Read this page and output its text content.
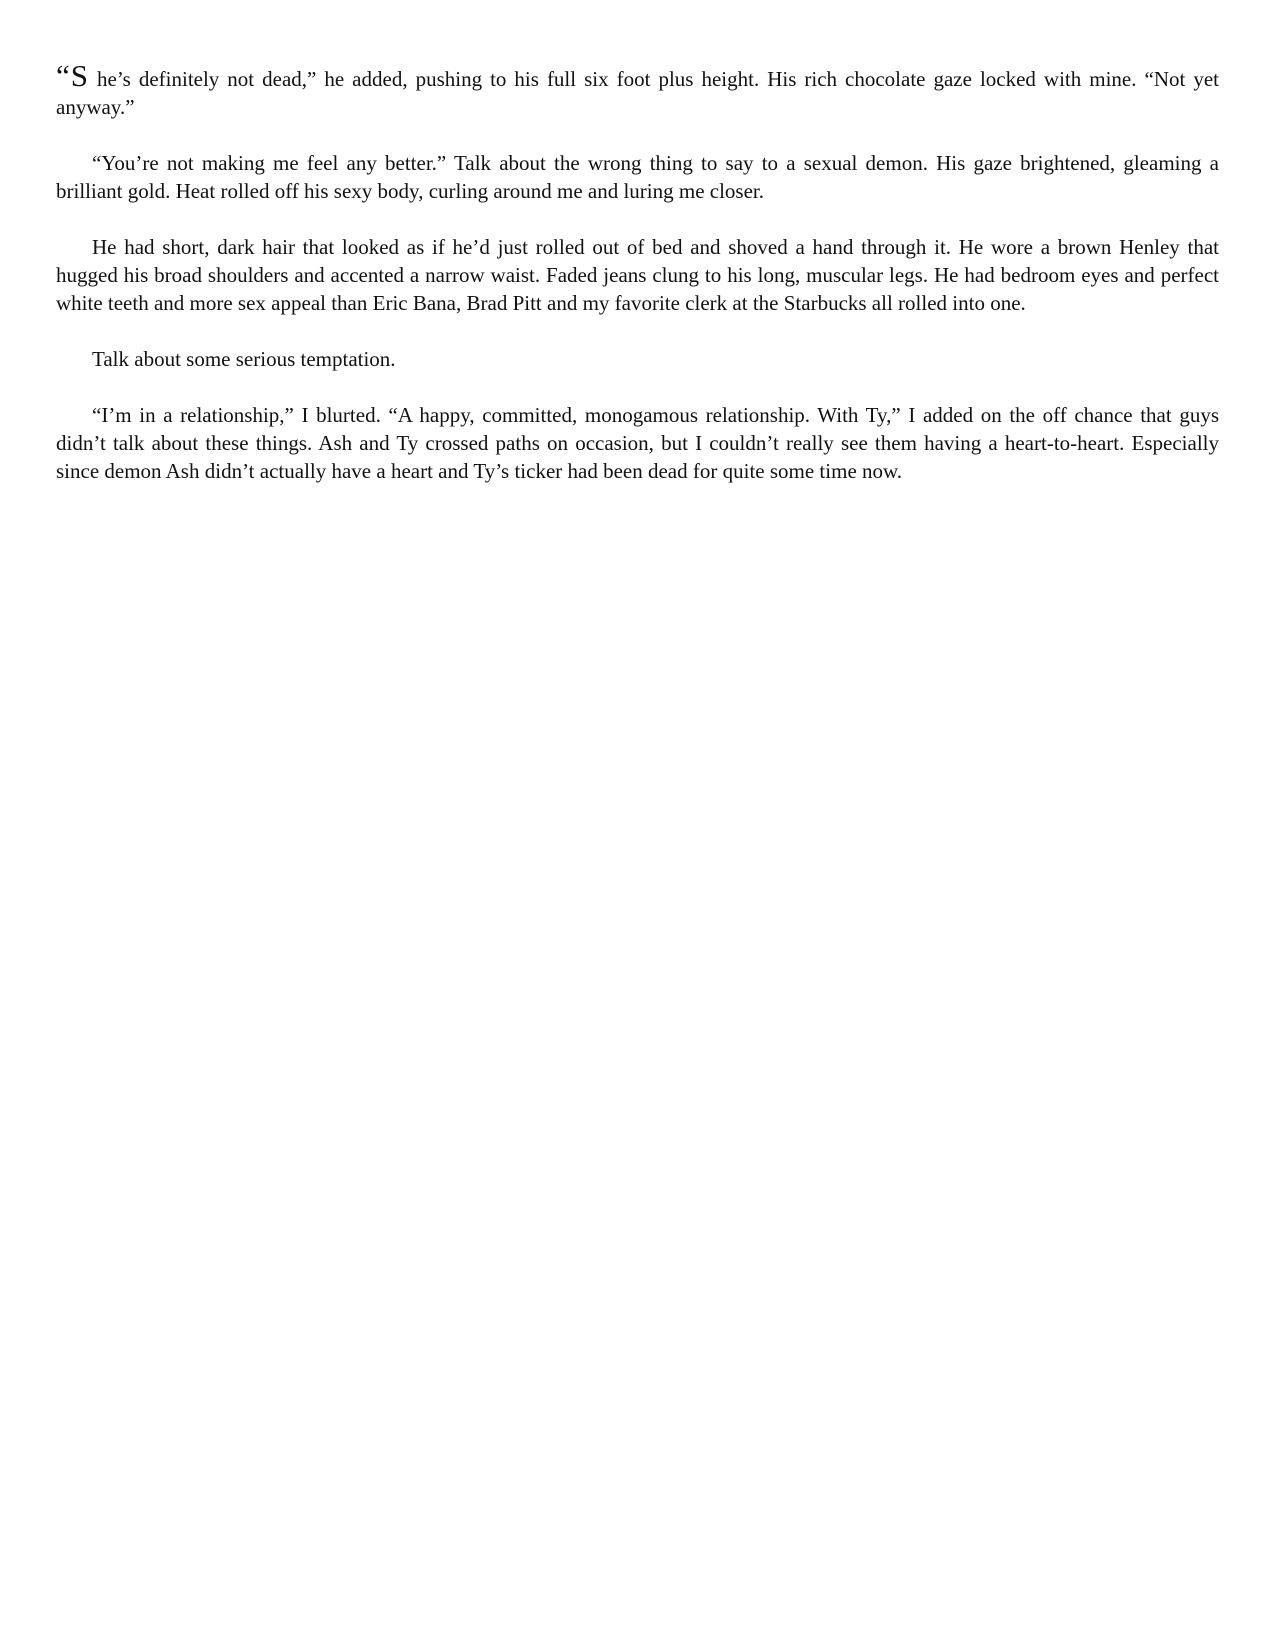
“S he’s definitely not dead,” he added, pushing to his full six foot plus height. His rich chocolate gaze locked with mine. “Not yet anyway.”

“You’re not making me feel any better.” Talk about the wrong thing to say to a sexual demon. His gaze brightened, gleaming a brilliant gold. Heat rolled off his sexy body, curling around me and luring me closer.

He had short, dark hair that looked as if he’d just rolled out of bed and shoved a hand through it. He wore a brown Henley that hugged his broad shoulders and accented a narrow waist. Faded jeans clung to his long, muscular legs. He had bedroom eyes and perfect white teeth and more sex appeal than Eric Bana, Brad Pitt and my favorite clerk at the Starbucks all rolled into one.

Talk about some serious temptation.

“I’m in a relationship,” I blurted. “A happy, committed, monogamous relationship. With Ty,” I added on the off chance that guys didn’t talk about these things. Ash and Ty crossed paths on occasion, but I couldn’t really see them having a heart-to-heart. Especially since demon Ash didn’t actually have a heart and Ty’s ticker had been dead for quite some time now.
